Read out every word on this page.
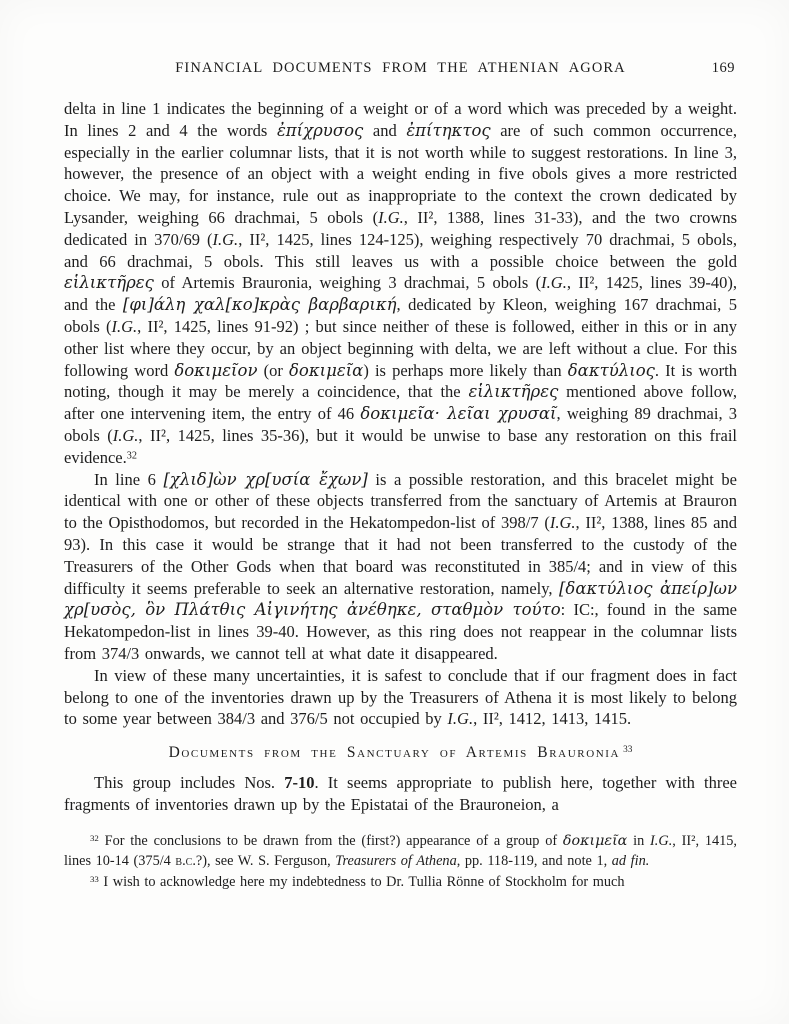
FINANCIAL DOCUMENTS FROM THE ATHENIAN AGORA	169

delta in line 1 indicates the beginning of a weight or of a word which was preceded by a weight. In lines 2 and 4 the words ἐπίχρυσος and ἐπίτηκτος are of such common occurrence, especially in the earlier columnar lists, that it is not worth while to suggest restorations. In line 3, however, the presence of an object with a weight ending in five obols gives a more restricted choice. We may, for instance, rule out as inappropriate to the context the crown dedicated by Lysander, weighing 66 drachmai, 5 obols (I.G., II², 1388, lines 31-33), and the two crowns dedicated in 370/69 (I.G., II², 1425, lines 124-125), weighing respectively 70 drachmai, 5 obols, and 66 drachmai, 5 obols. This still leaves us with a possible choice between the gold εἱλικτῆρες of Artemis Brauronia, weighing 3 drachmai, 5 obols (I.G., II², 1425, lines 39-40), and the [φι]άλη χαλ[κο]κρὰς βαρβαρική, dedicated by Kleon, weighing 167 drachmai, 5 obols (I.G., II², 1425, lines 91-92) ; but since neither of these is followed, either in this or in any other list where they occur, by an object beginning with delta, we are left without a clue. For this following word δοκιμεῖον (or δοκιμεῖα) is perhaps more likely than δακτύλιος. It is worth noting, though it may be merely a coincidence, that the εἱλικτῆρες mentioned above follow, after one intervening item, the entry of 46 δοκιμεῖα· λεῖαι χρυσαῖ, weighing 89 drachmai, 3 obols (I.G., II², 1425, lines 35-36), but it would be unwise to base any restoration on this frail evidence.$^{32}$

In line 6 [χλιδ]ὼν χρ[υσία ἔχων] is a possible restoration, and this bracelet might be identical with one or other of these objects transferred from the sanctuary of Artemis at Brauron to the Opisthodomos, but recorded in the Hekatompedon-list of 398/7 (I.G., II², 1388, lines 85 and 93). In this case it would be strange that it had not been transferred to the custody of the Treasurers of the Other Gods when that board was reconstituted in 385/4; and in view of this difficulty it seems preferable to seek an alternative restoration, namely, [δακτύλιος ἀπείρ]ων χρ[υσὸς, ὃν Πλάτθις Αἰγινήτης ἀνέθηκε, σταθμὸν τούτο: ΙϹ:, found in the same Hekatompedon-list in lines 39-40. However, as this ring does not reappear in the columnar lists from 374/3 onwards, we cannot tell at what date it disappeared.

In view of these many uncertainties, it is safest to conclude that if our fragment does in fact belong to one of the inventories drawn up by the Treasurers of Athena it is most likely to belong to some year between 384/3 and 376/5 not occupied by I.G., II², 1412, 1413, 1415.

Documents from the Sanctuary of Artemis Brauronia $^{33}$

This group includes Nos. 7-10. It seems appropriate to publish here, together with three fragments of inventories drawn up by the Epistatai of the Brauroneion, a

$^{32}$ For the conclusions to be drawn from the (first?) appearance of a group of δοκιμεῖα in I.G., II², 1415, lines 10-14 (375/4 b.c.?), see W. S. Ferguson, Treasurers of Athena, pp. 118-119, and note 1, ad fin.

$^{33}$ I wish to acknowledge here my indebtedness to Dr. Tullia Rönne of Stockholm for much
